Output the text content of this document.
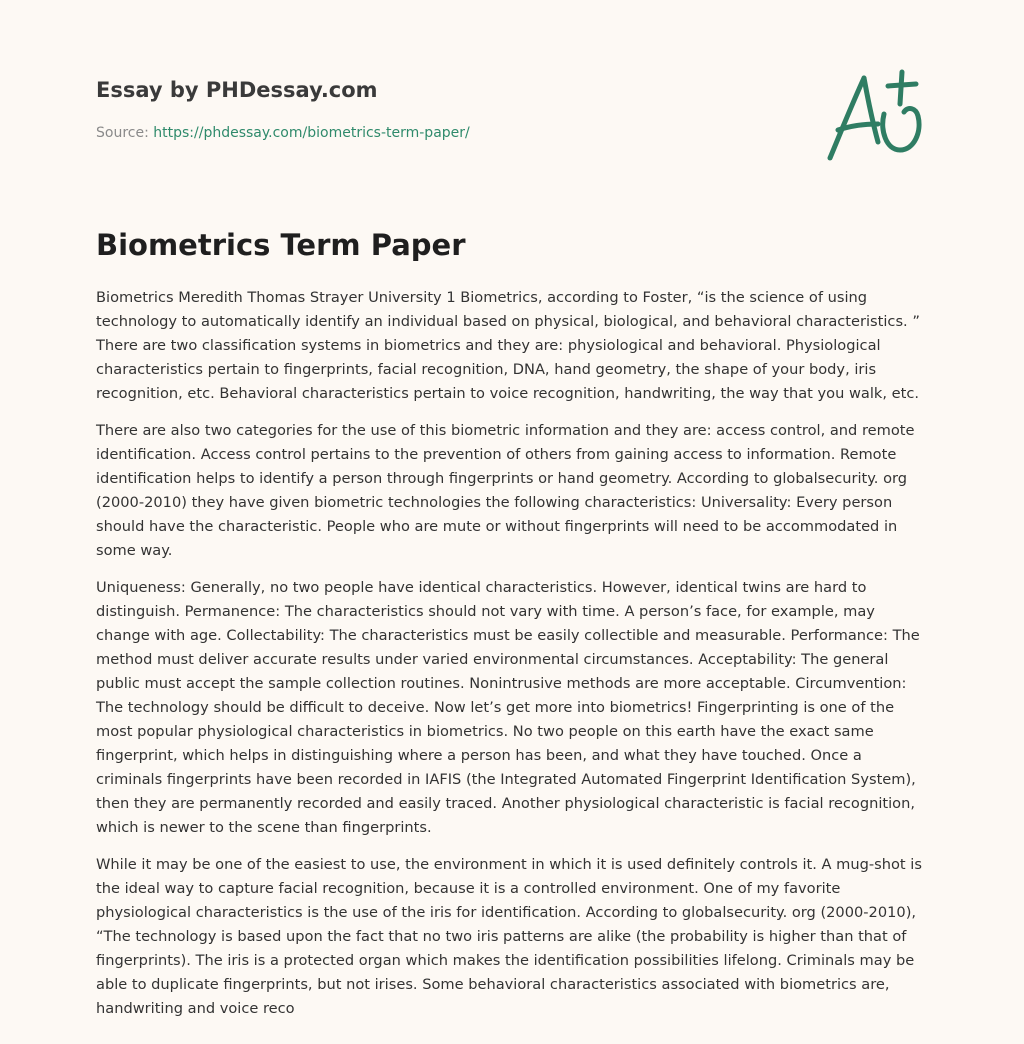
Essay by PHDessay.com
Source: https://phdessay.com/biometrics-term-paper/
Biometrics Term Paper

Biometrics Meredith Thomas Strayer University 1 Biometrics, according to Foster, “is the science of using technology to automatically identify an individual based on physical, biological, and behavioral characteristics. ” There are two classification systems in biometrics and they are: physiological and behavioral. Physiological characteristics pertain to fingerprints, facial recognition, DNA, hand geometry, the shape of your body, iris recognition, etc. Behavioral characteristics pertain to voice recognition, handwriting, the way that you walk, etc.

There are also two categories for the use of this biometric information and they are: access control, and remote identification. Access control pertains to the prevention of others from gaining access to information. Remote identification helps to identify a person through fingerprints or hand geometry. According to globalsecurity. org (2000-2010) they have given biometric technologies the following characteristics: Universality: Every person should have the characteristic. People who are mute or without fingerprints will need to be accommodated in some way.

Uniqueness: Generally, no two people have identical characteristics. However, identical twins are hard to distinguish. Permanence: The characteristics should not vary with time. A person’s face, for example, may change with age. Collectability: The characteristics must be easily collectible and measurable. Performance: The method must deliver accurate results under varied environmental circumstances. Acceptability: The general public must accept the sample collection routines. Nonintrusive methods are more acceptable. Circumvention: The technology should be difficult to deceive. Now let’s get more into biometrics! Fingerprinting is one of the most popular physiological characteristics in biometrics. No two people on this earth have the exact same fingerprint, which helps in distinguishing where a person has been, and what they have touched. Once a criminals fingerprints have been recorded in IAFIS (the Integrated Automated Fingerprint Identification System), then they are permanently recorded and easily traced. Another physiological characteristic is facial recognition, which is newer to the scene than fingerprints.

While it may be one of the easiest to use, the environment in which it is used definitely controls it. A mug-shot is the ideal way to capture facial recognition, because it is a controlled environment. One of my favorite physiological characteristics is the use of the iris for identification. According to globalsecurity. org (2000-2010), “The technology is based upon the fact that no two iris patterns are alike (the probability is higher than that of fingerprints). The iris is a protected organ which makes the identification possibilities lifelong. Criminals may be able to duplicate fingerprints, but not irises. Some behavioral characteristics associated with biometrics are, handwriting and voice reco
